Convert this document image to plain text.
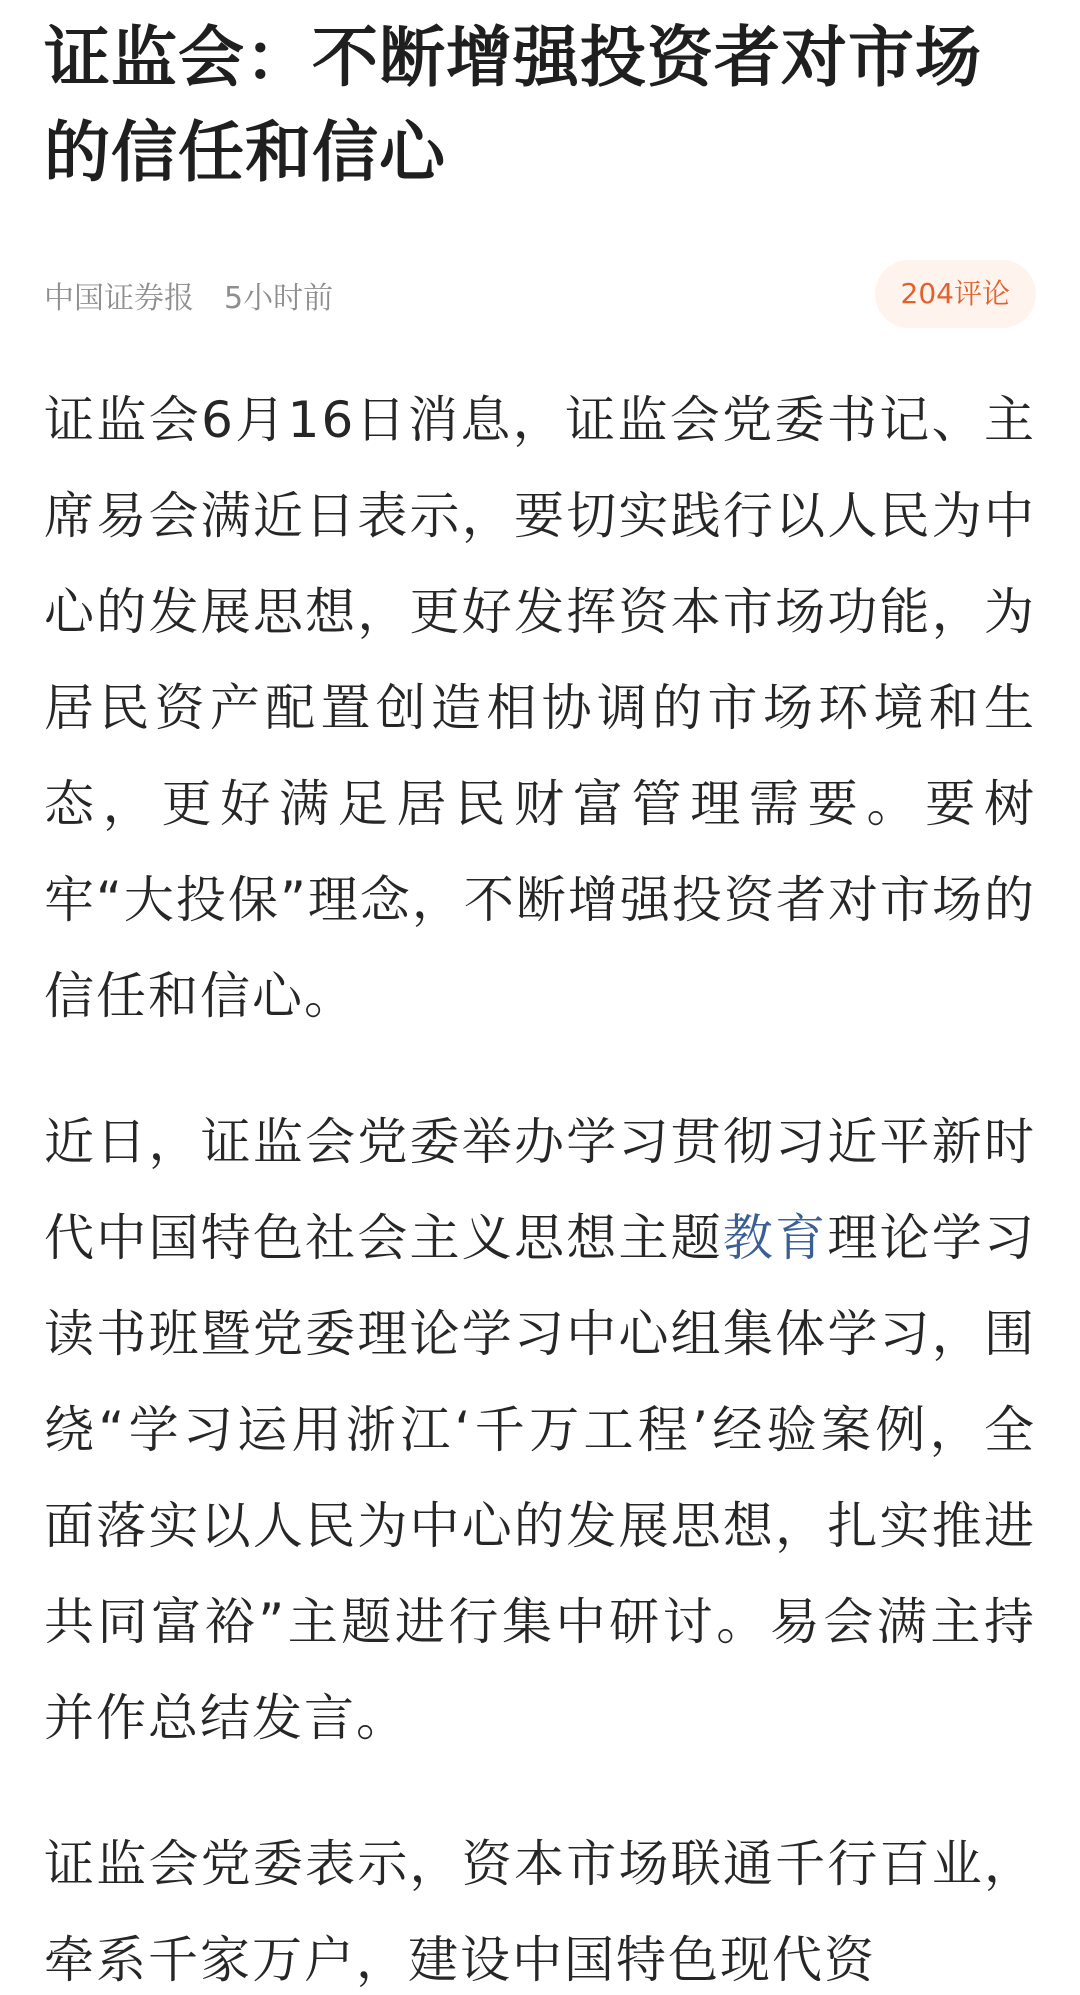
证监会：不断增强投资者对市场的信任和信心
中国证券报 5小时前	204评论

证监会6月16日消息，证监会党委书记、主席易会满近日表示，要切实践行以人民为中心的发展思想，更好发挥资本市场功能，为居民资产配置创造相协调的市场环境和生态，更好满足居民财富管理需要。要树牢“大投保”理念，不断增强投资者对市场的信任和信心。

近日，证监会党委举办学习贯彻习近平新时代中国特色社会主义思想主题教育理论学习读书班暨党委理论学习中心组集体学习，围绕“学习运用浙江‘千万工程’经验案例，全面落实以人民为中心的发展思想，扎实推进共同富裕”主题进行集中研讨。易会满主持并作总结发言。

证监会党委表示，资本市场联通千行百业，牵系千家万户，建设中国特色现代资
